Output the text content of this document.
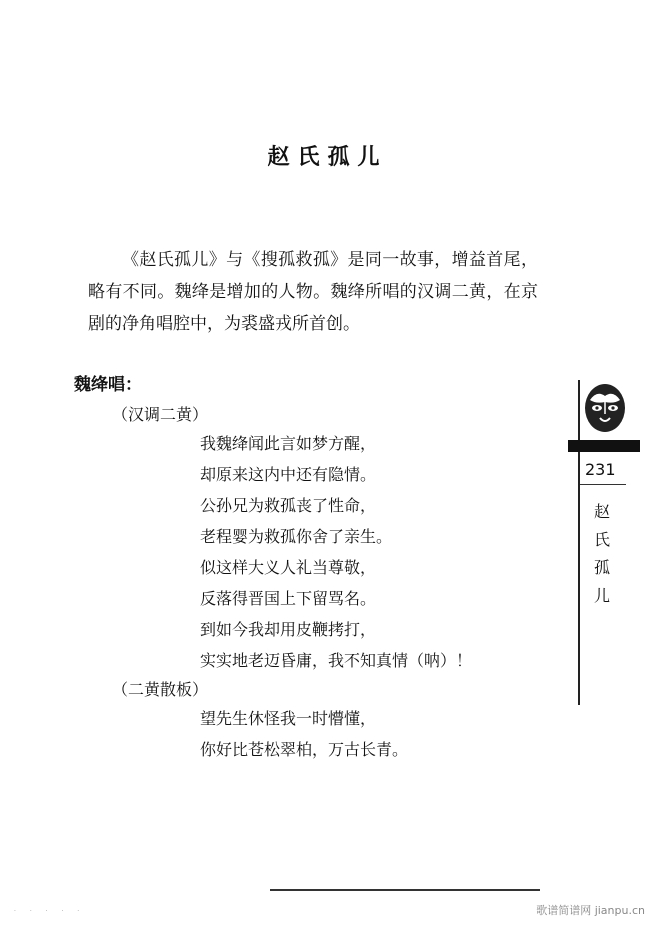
赵氏孤儿

《赵氏孤儿》与《搜孤救孤》是同一故事，增益首尾，略有不同。魏绛是增加的人物。魏绛所唱的汉调二黄，在京剧的净角唱腔中，为裘盛戎所首创。

魏绛唱：
（汉调二黄）
我魏绛闻此言如梦方醒，
却原来这内中还有隐情。
公孙兄为救孤丧了性命，
老程婴为救孤你舍了亲生。
似这样大义人礼当尊敬，
反落得晋国上下留骂名。
到如今我却用皮鞭拷打，
实实地老迈昏庸，我不知真情（呐）！
（二黄散板）
望先生休怪我一时懵懂，
你好比苍松翠柏，万古长青。
231
赵
氏
孤
儿
· · · · ·	歌谱简谱网 jianpu.cn
